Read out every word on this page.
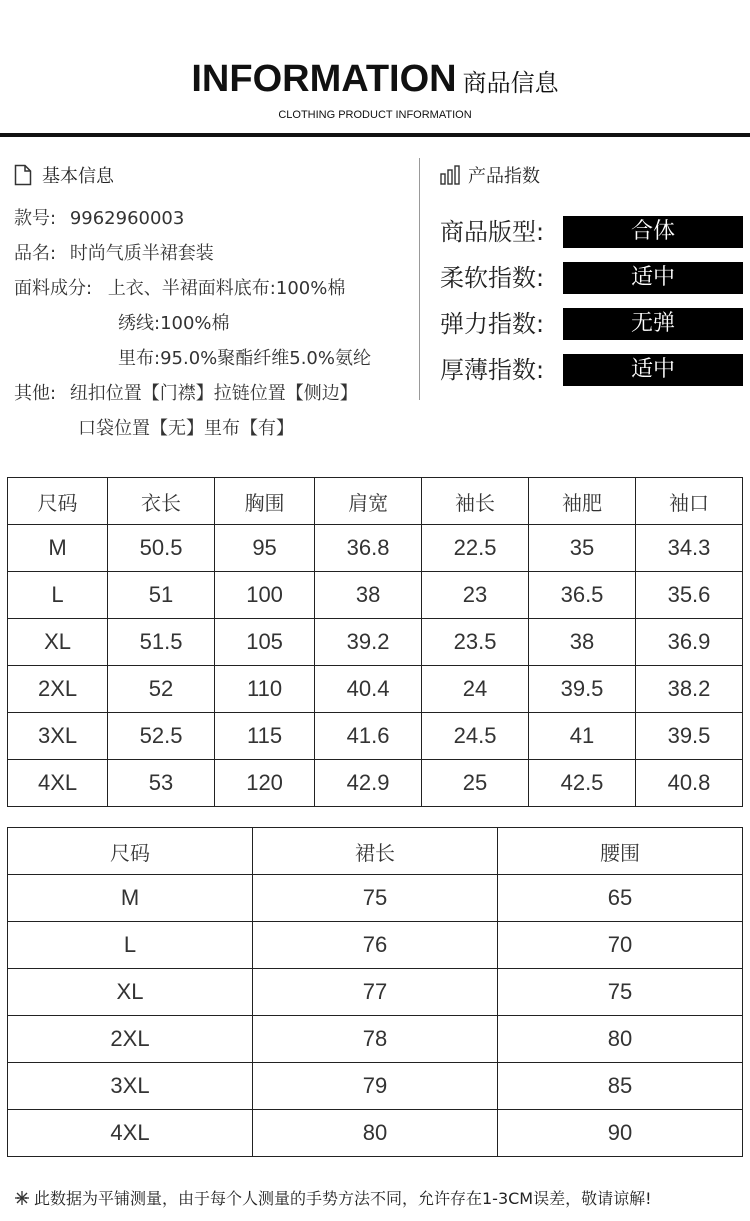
INFORMATION 商品信息
CLOTHING PRODUCT INFORMATION
基本信息
款号: 9962960003
品名: 时尚气质半裙套装
面料成分: 上衣、半裙面料底布:100%棉
绣线:100%棉
里布:95.0%聚酯纤维5.0%氨纶
其他: 纽扣位置【门襟】拉链位置【侧边】
口袋位置【无】里布【有】
产品指数
商品版型:	合体
柔软指数:	适中
弹力指数:	无弹
厚薄指数:	适中
尺码	衣长	胸围	肩宽	袖长	袖肥	袖口
M	50.5	95	36.8	22.5	35	34.3
L	51	100	38	23	36.5	35.6
XL	51.5	105	39.2	23.5	38	36.9
2XL	52	110	40.4	24	39.5	38.2
3XL	52.5	115	41.6	24.5	41	39.5
4XL	53	120	42.9	25	42.5	40.8
尺码	裙长	腰围
M	75	65
L	76	70
XL	77	75
2XL	78	80
3XL	79	85
4XL	80	90
此数据为平铺测量，由于每个人测量的手势方法不同，允许存在1-3CM误差，敬请谅解!
